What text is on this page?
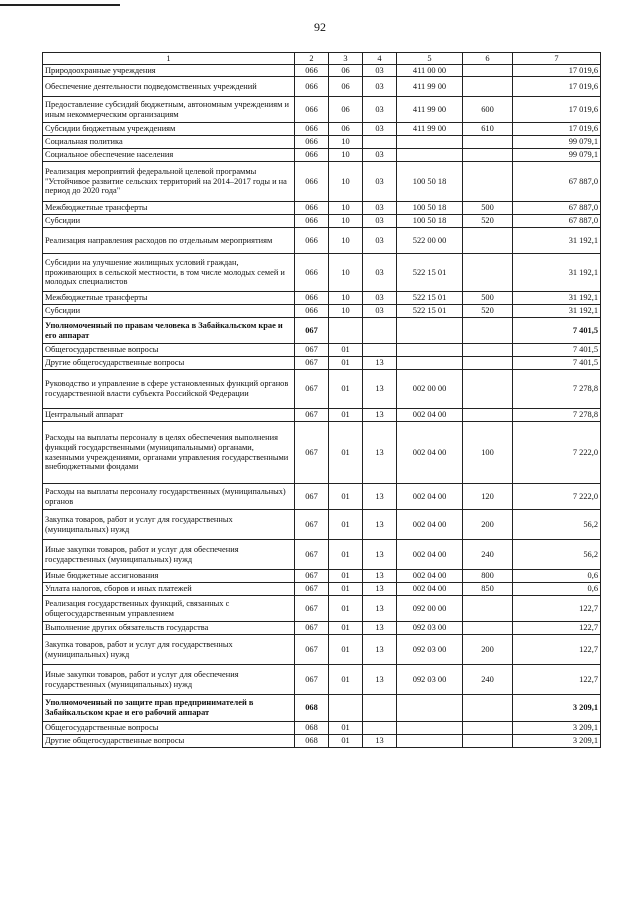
92
1	2	3	4	5	6	7
Природоохранные учреждения	066	06	03	411 00 00		17 019,6
Обеспечение деятельности подведомственных учреждений	066	06	03	411 99 00		17 019,6
Предоставление субсидий бюджетным, автономным учреждениям и иным некоммерческим организациям	066	06	03	411 99 00	600	17 019,6
Субсидии бюджетным учреждениям	066	06	03	411 99 00	610	17 019,6
Социальная политика	066	10				99 079,1
Социальное обеспечение населения	066	10	03			99 079,1
Реализация мероприятий федеральной целевой программы "Устойчивое развитие сельских территорий на 2014–2017 годы и на период до 2020 года"	066	10	03	100 50 18		67 887,0
Межбюджетные трансферты	066	10	03	100 50 18	500	67 887,0
Субсидии	066	10	03	100 50 18	520	67 887,0
Реализация направления расходов по отдельным мероприятиям	066	10	03	522 00 00		31 192,1
Субсидии на улучшение жилищных условий граждан, проживающих в сельской местности, в том числе молодых семей и молодых специалистов	066	10	03	522 15 01		31 192,1
Межбюджетные трансферты	066	10	03	522 15 01	500	31 192,1
Субсидии	066	10	03	522 15 01	520	31 192,1
Уполномоченный по правам человека в Забайкальском крае и его аппарат	067					7 401,5
Общегосударственные вопросы	067	01				7 401,5
Другие общегосударственные вопросы	067	01	13			7 401,5
Руководство и управление в сфере установленных функций органов государственной власти субъекта Российской Федерации	067	01	13	002 00 00		7 278,8
Центральный аппарат	067	01	13	002 04 00		7 278,8
Расходы на выплаты персоналу в целях обеспечения выполнения функций государственными (муниципальными) органами, казенными учреждениями, органами управления государственными внебюджетными фондами	067	01	13	002 04 00	100	7 222,0
Расходы на выплаты персоналу государственных (муниципальных) органов	067	01	13	002 04 00	120	7 222,0
Закупка товаров, работ и услуг для государственных (муниципальных) нужд	067	01	13	002 04 00	200	56,2
Иные закупки товаров, работ и услуг для обеспечения государственных (муниципальных) нужд	067	01	13	002 04 00	240	56,2
Иные бюджетные ассигнования	067	01	13	002 04 00	800	0,6
Уплата налогов, сборов и иных платежей	067	01	13	002 04 00	850	0,6
Реализация государственных функций, связанных с общегосударственным управлением	067	01	13	092 00 00		122,7
Выполнение других обязательств государства	067	01	13	092 03 00		122,7
Закупка товаров, работ и услуг для государственных (муниципальных) нужд	067	01	13	092 03 00	200	122,7
Иные закупки товаров, работ и услуг для обеспечения государственных (муниципальных) нужд	067	01	13	092 03 00	240	122,7
Уполномоченный по защите прав предпринимателей в Забайкальском крае и его рабочий аппарат	068					3 209,1
Общегосударственные вопросы	068	01				3 209,1
Другие общегосударственные вопросы	068	01	13			3 209,1
